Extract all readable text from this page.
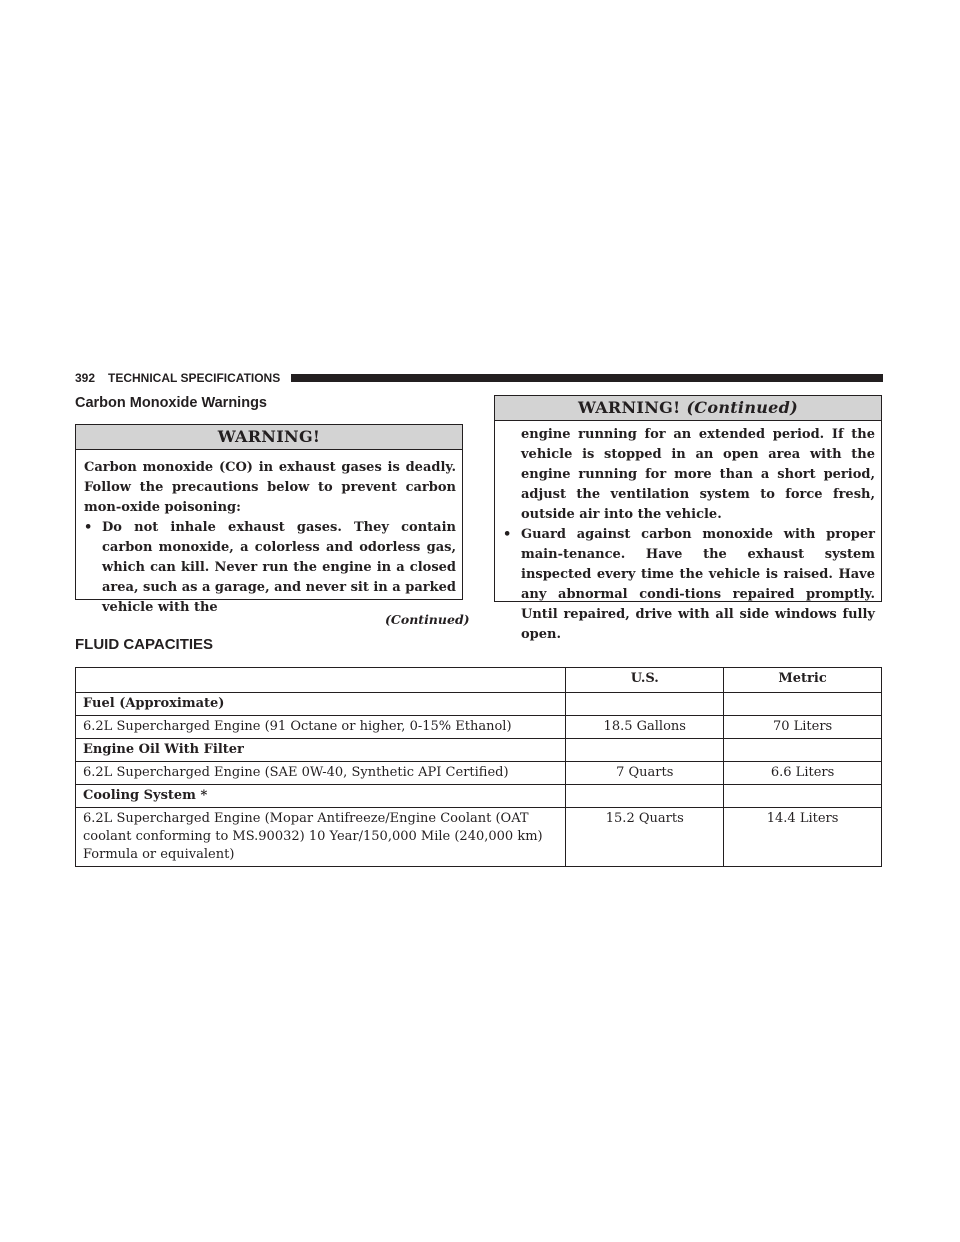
392 TECHNICAL SPECIFICATIONS
Carbon Monoxide Warnings
WARNING!

Carbon monoxide (CO) in exhaust gases is deadly. Follow the precautions below to prevent carbon mon-oxide poisoning:

• Do not inhale exhaust gases. They contain carbon monoxide, a colorless and odorless gas, which can kill. Never run the engine in a closed area, such as a garage, and never sit in a parked vehicle with the
(Continued)
WARNING! (Continued)

engine running for an extended period. If the vehicle is stopped in an open area with the engine running for more than a short period, adjust the ventilation system to force fresh, outside air into the vehicle.

• Guard against carbon monoxide with proper main-tenance. Have the exhaust system inspected every time the vehicle is raised. Have any abnormal condi-tions repaired promptly. Until repaired, drive with all side windows fully open.
FLUID CAPACITIES
	U.S.	Metric
Fuel (Approximate)		
6.2L Supercharged Engine (91 Octane or higher, 0-15% Ethanol)	18.5 Gallons	70 Liters
Engine Oil With Filter		
6.2L Supercharged Engine (SAE 0W-40, Synthetic API Certified)	7 Quarts	6.6 Liters
Cooling System *		
6.2L Supercharged Engine (Mopar Antifreeze/Engine Coolant (OAT coolant conforming to MS.90032) 10 Year/150,000 Mile (240,000 km) Formula or equivalent)	15.2 Quarts	14.4 Liters
